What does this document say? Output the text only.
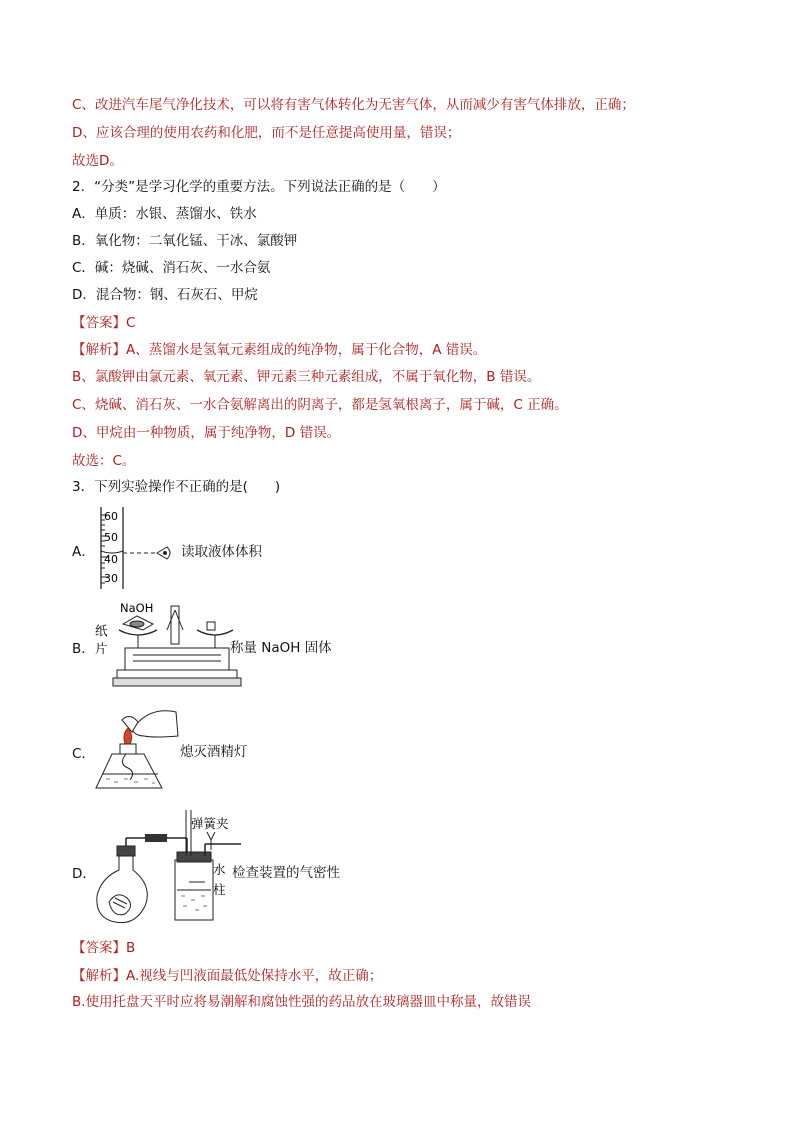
C、改进汽车尾气净化技术，可以将有害气体转化为无害气体，从而减少有害气体排放，正确；
D、应该合理的使用农药和化肥，而不是任意提高使用量，错误；
故选D。
2．“分类”是学习化学的重要方法。下列说法正确的是（　　）
A．单质：水银、蒸馏水、铁水
B．氧化物：二氧化锰、干冰、氯酸钾
C．碱：烧碱、消石灰、一水合氨
D．混合物：钢、石灰石、甲烷
【答案】C
【解析】A、蒸馏水是氢氧元素组成的纯净物，属于化合物，A 错误。
B、氯酸钾由氯元素、氧元素、钾元素三种元素组成，不属于氧化物，B 错误。
C、烧碱、消石灰、一水合氨解离出的阴离子，都是氢氧根离子，属于碱，C 正确。
D、甲烷由一种物质，属于纯净物，D 错误。
故选：C。
3．下列实验操作不正确的是(　　)
A．
60
50
40
30
读取液体体积
B．
NaOH
纸
片	称量 NaOH 固体
C．	熄灭酒精灯
D．
弹簧夹
水
柱
检查装置的气密性
【答案】B
【解析】A.视线与凹液面最低处保持水平，故正确；
B.使用托盘天平时应将易潮解和腐蚀性强的药品放在玻璃器皿中称量，故错误
